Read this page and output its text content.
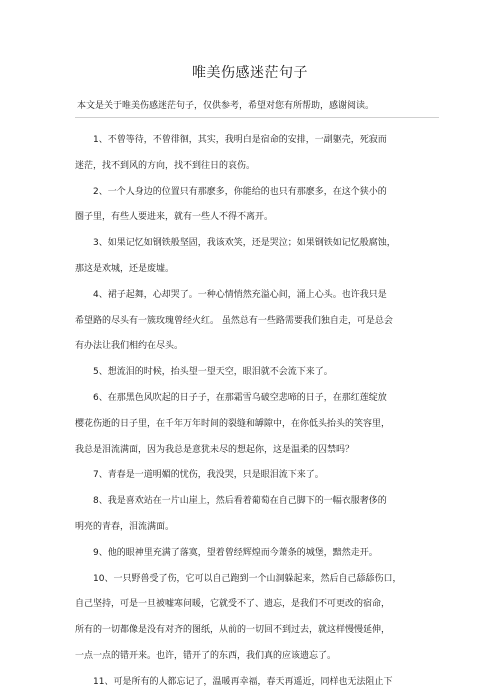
唯美伤感迷茫句子
本文是关于唯美伤感迷茫句子，仅供参考，希望对您有所帮助，感谢阅读。
1、不曾等待，不曾徘徊，其实，我明白是宿命的安排，一副躯壳，死寂而
迷茫，找不到风的方向，找不到往日的哀伤。
2、一个人身边的位置只有那麽多，你能给的也只有那麽多，在这个狭小的
圈子里，有些人要进来，就有一些人不得不离开。
3、如果记忆如钢铁般坚固，我该欢笑，还是哭泣；如果钢铁如记忆般腐蚀，
那这是欢城，还是废墟。
4、裙子起舞，心却哭了。一种心情悄然充溢心间，涌上心头。也许我只是
希望路的尽头有一簇玫瑰曾经火红。 虽然总有一些路需要我们独自走，可是总会
有办法让我们相约在尽头。
5、想流泪的时候，抬头望一望天空，眼泪就不会流下来了。
6、在那黑色风吹起的日子子，在那霜雪乌破空悲啼的日子，在那红莲绽放
樱花伤逝的日子里，在千年万年时间的裂缝和罅隙中，在你低头抬头的笑容里，
我总是泪流满面，因为我总是意犹未尽的想起你，这是温柔的囚禁吗？
7、青春是一道明媚的忧伤，我没哭，只是眼泪流下来了。
8、我是喜欢站在一片山崖上，然后看着葡萄在自己脚下的一幅衣服奢侈的
明亮的青春，泪流满面。
9、他的眼神里充满了落寞，望着曾经辉煌而今萧条的城堡，黯然走开。
10、一只野兽受了伤，它可以自己跑到一个山洞躲起来，然后自己舔舔伤口，
自己坚持，可是一旦被嘘寒问暖，它就受不了、遗忘，是我们不可更改的宿命，
所有的一切都像是没有对齐的图纸，从前的一切回不到过去，就这样慢慢延伸，
一点一点的错开来。也许，错开了的东西，我们真的应该遗忘了。
11、可是所有的人都忘记了，温暖再幸福，春天再遥近，同样也无法阻止下
